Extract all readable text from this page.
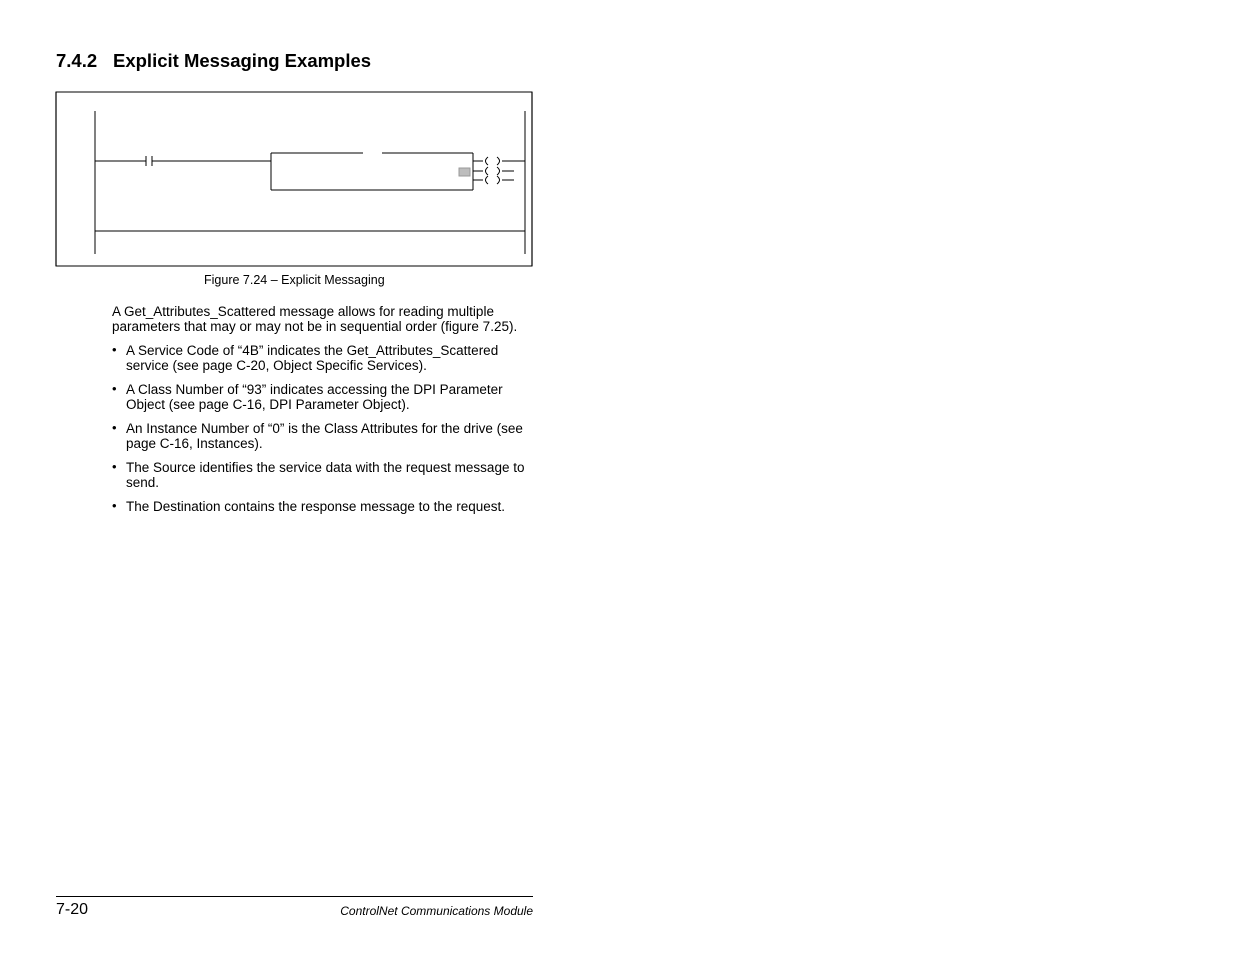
7.4.2 Explicit Messaging Examples
Figure 7.24 – Explicit Messaging
A Get_Attributes_Scattered message allows for reading multiple parameters that may or may not be in sequential order (figure 7.25).
• A Service Code of “4B” indicates the Get_Attributes_Scattered service (see page C-20, Object Specific Services).
• A Class Number of “93” indicates accessing the DPI Parameter Object (see page C-16, DPI Parameter Object).
• An Instance Number of “0” is the Class Attributes for the drive (see page C-16, Instances).
• The Source identifies the service data with the request message to send.
• The Destination contains the response message to the request.
7-20	ControlNet Communications Module
